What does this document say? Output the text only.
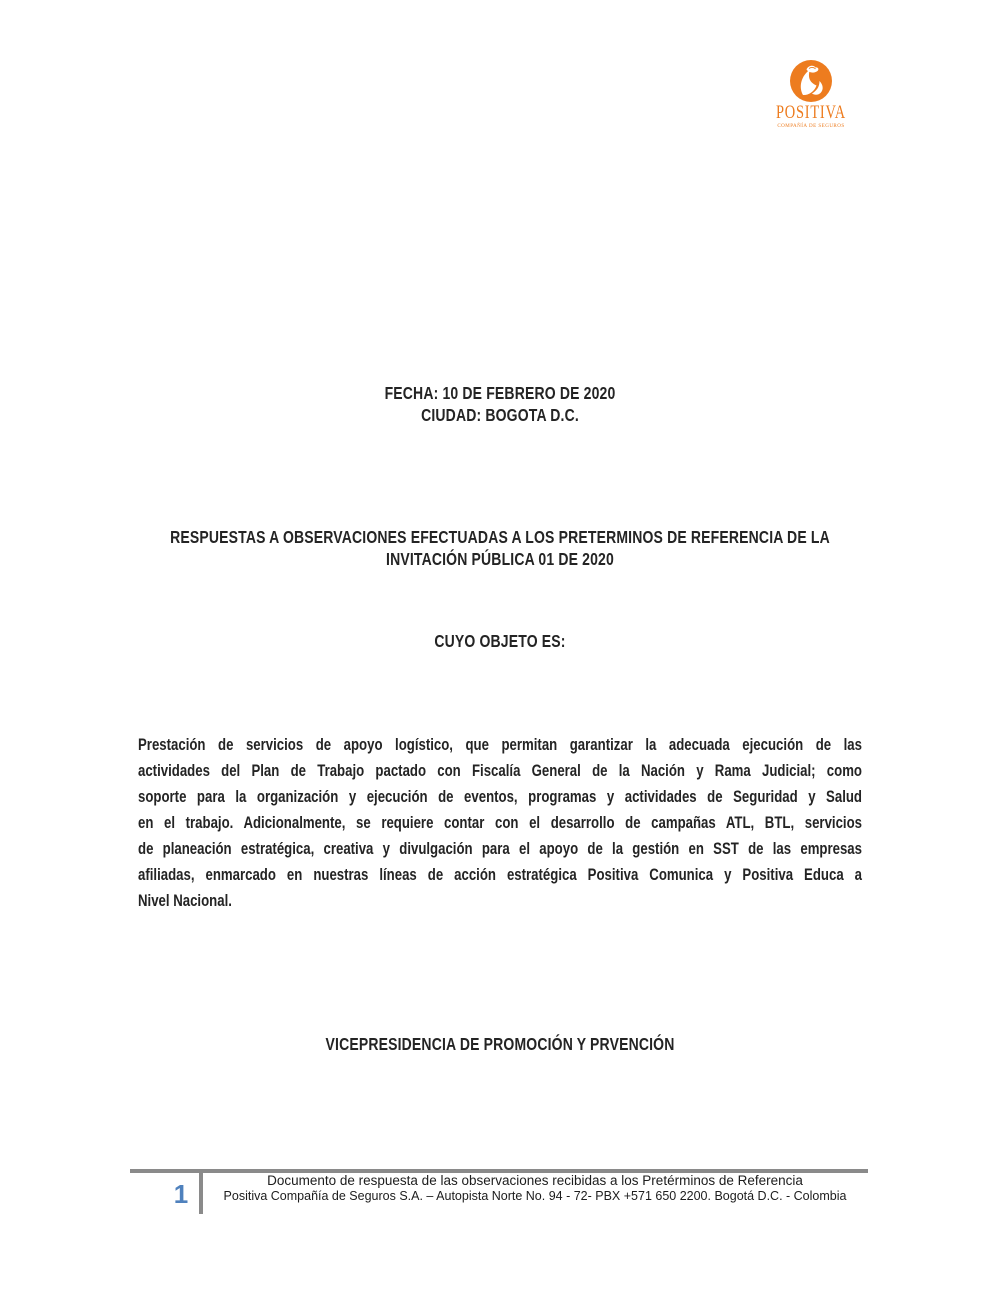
POSITIVA
COMPAÑÍA DE SEGUROS
FECHA: 10 DE FEBRERO DE 2020
CIUDAD: BOGOTA D.C.
RESPUESTAS A OBSERVACIONES EFECTUADAS A LOS PRETERMINOS DE REFERENCIA DE LA
INVITACIÓN PÚBLICA 01 DE 2020
CUYO OBJETO ES:
Prestación de servicios de apoyo logístico, que permitan garantizar la adecuada ejecución de las
actividades del Plan de Trabajo pactado con Fiscalía General de la Nación y Rama Judicial; como
soporte para la organización y ejecución de eventos, programas y actividades de Seguridad y Salud
en el trabajo. Adicionalmente, se requiere contar con el desarrollo de campañas ATL, BTL, servicios
de planeación estratégica, creativa y divulgación para el apoyo de la gestión en SST de las empresas
afiliadas, enmarcado en nuestras líneas de acción estratégica Positiva Comunica y Positiva Educa a
Nivel Nacional.
VICEPRESIDENCIA DE PROMOCIÓN Y PRVENCIÓN
1	Documento de respuesta de las observaciones recibidas a los Pretérminos de Referencia
Positiva Compañía de Seguros S.A. – Autopista Norte No. 94 - 72- PBX +571 650 2200. Bogotá D.C. - Colombia
